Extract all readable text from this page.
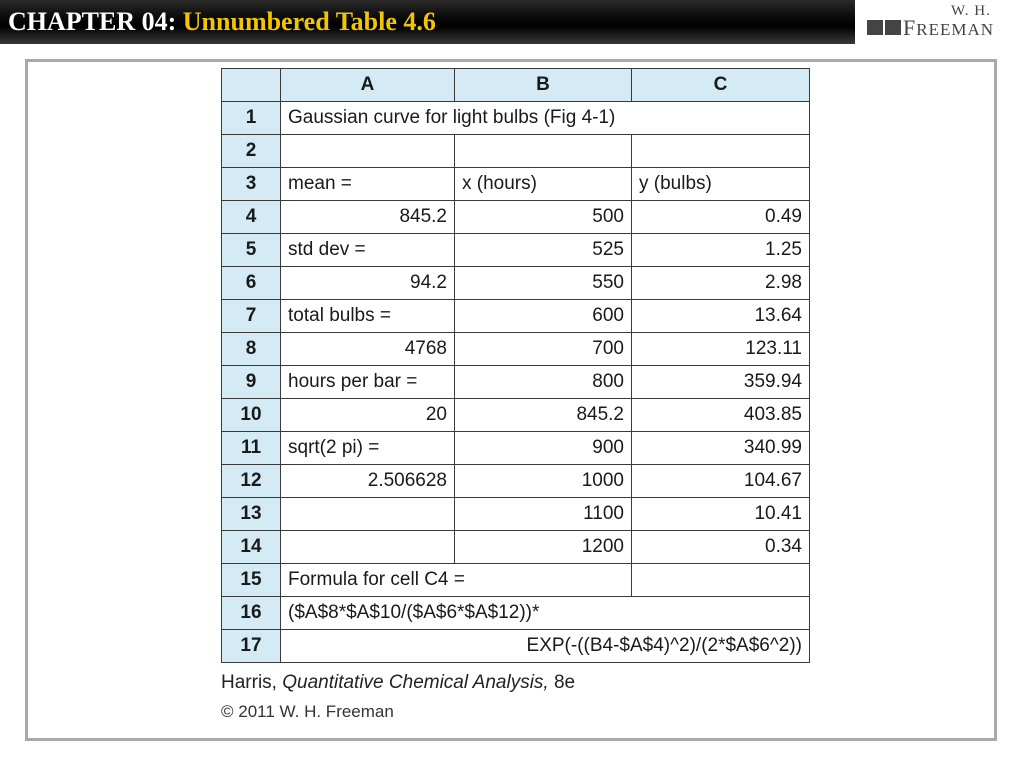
CHAPTER 04: Unnumbered Table 4.6	W. H.
FREEMAN
	A	B	C
1	Gaussian curve for light bulbs (Fig 4-1)		
2			
3	mean =	x (hours)	y (bulbs)
4	845.2	500	0.49
5	std dev =	525	1.25
6	94.2	550	2.98
7	total bulbs =	600	13.64
8	4768	700	123.11
9	hours per bar =	800	359.94
10	20	845.2	403.85
11	sqrt(2 pi) =	900	340.99
12	2.506628	1000	104.67
13		1100	10.41
14		1200	0.34
15	Formula for cell C4 =		
16	($A$8*$A$10/($A$6*$A$12))*		
17	EXP(-((B4-$A$4)^2)/(2*$A$6^2))		
Harris, Quantitative Chemical Analysis, 8e
© 2011 W. H. Freeman
